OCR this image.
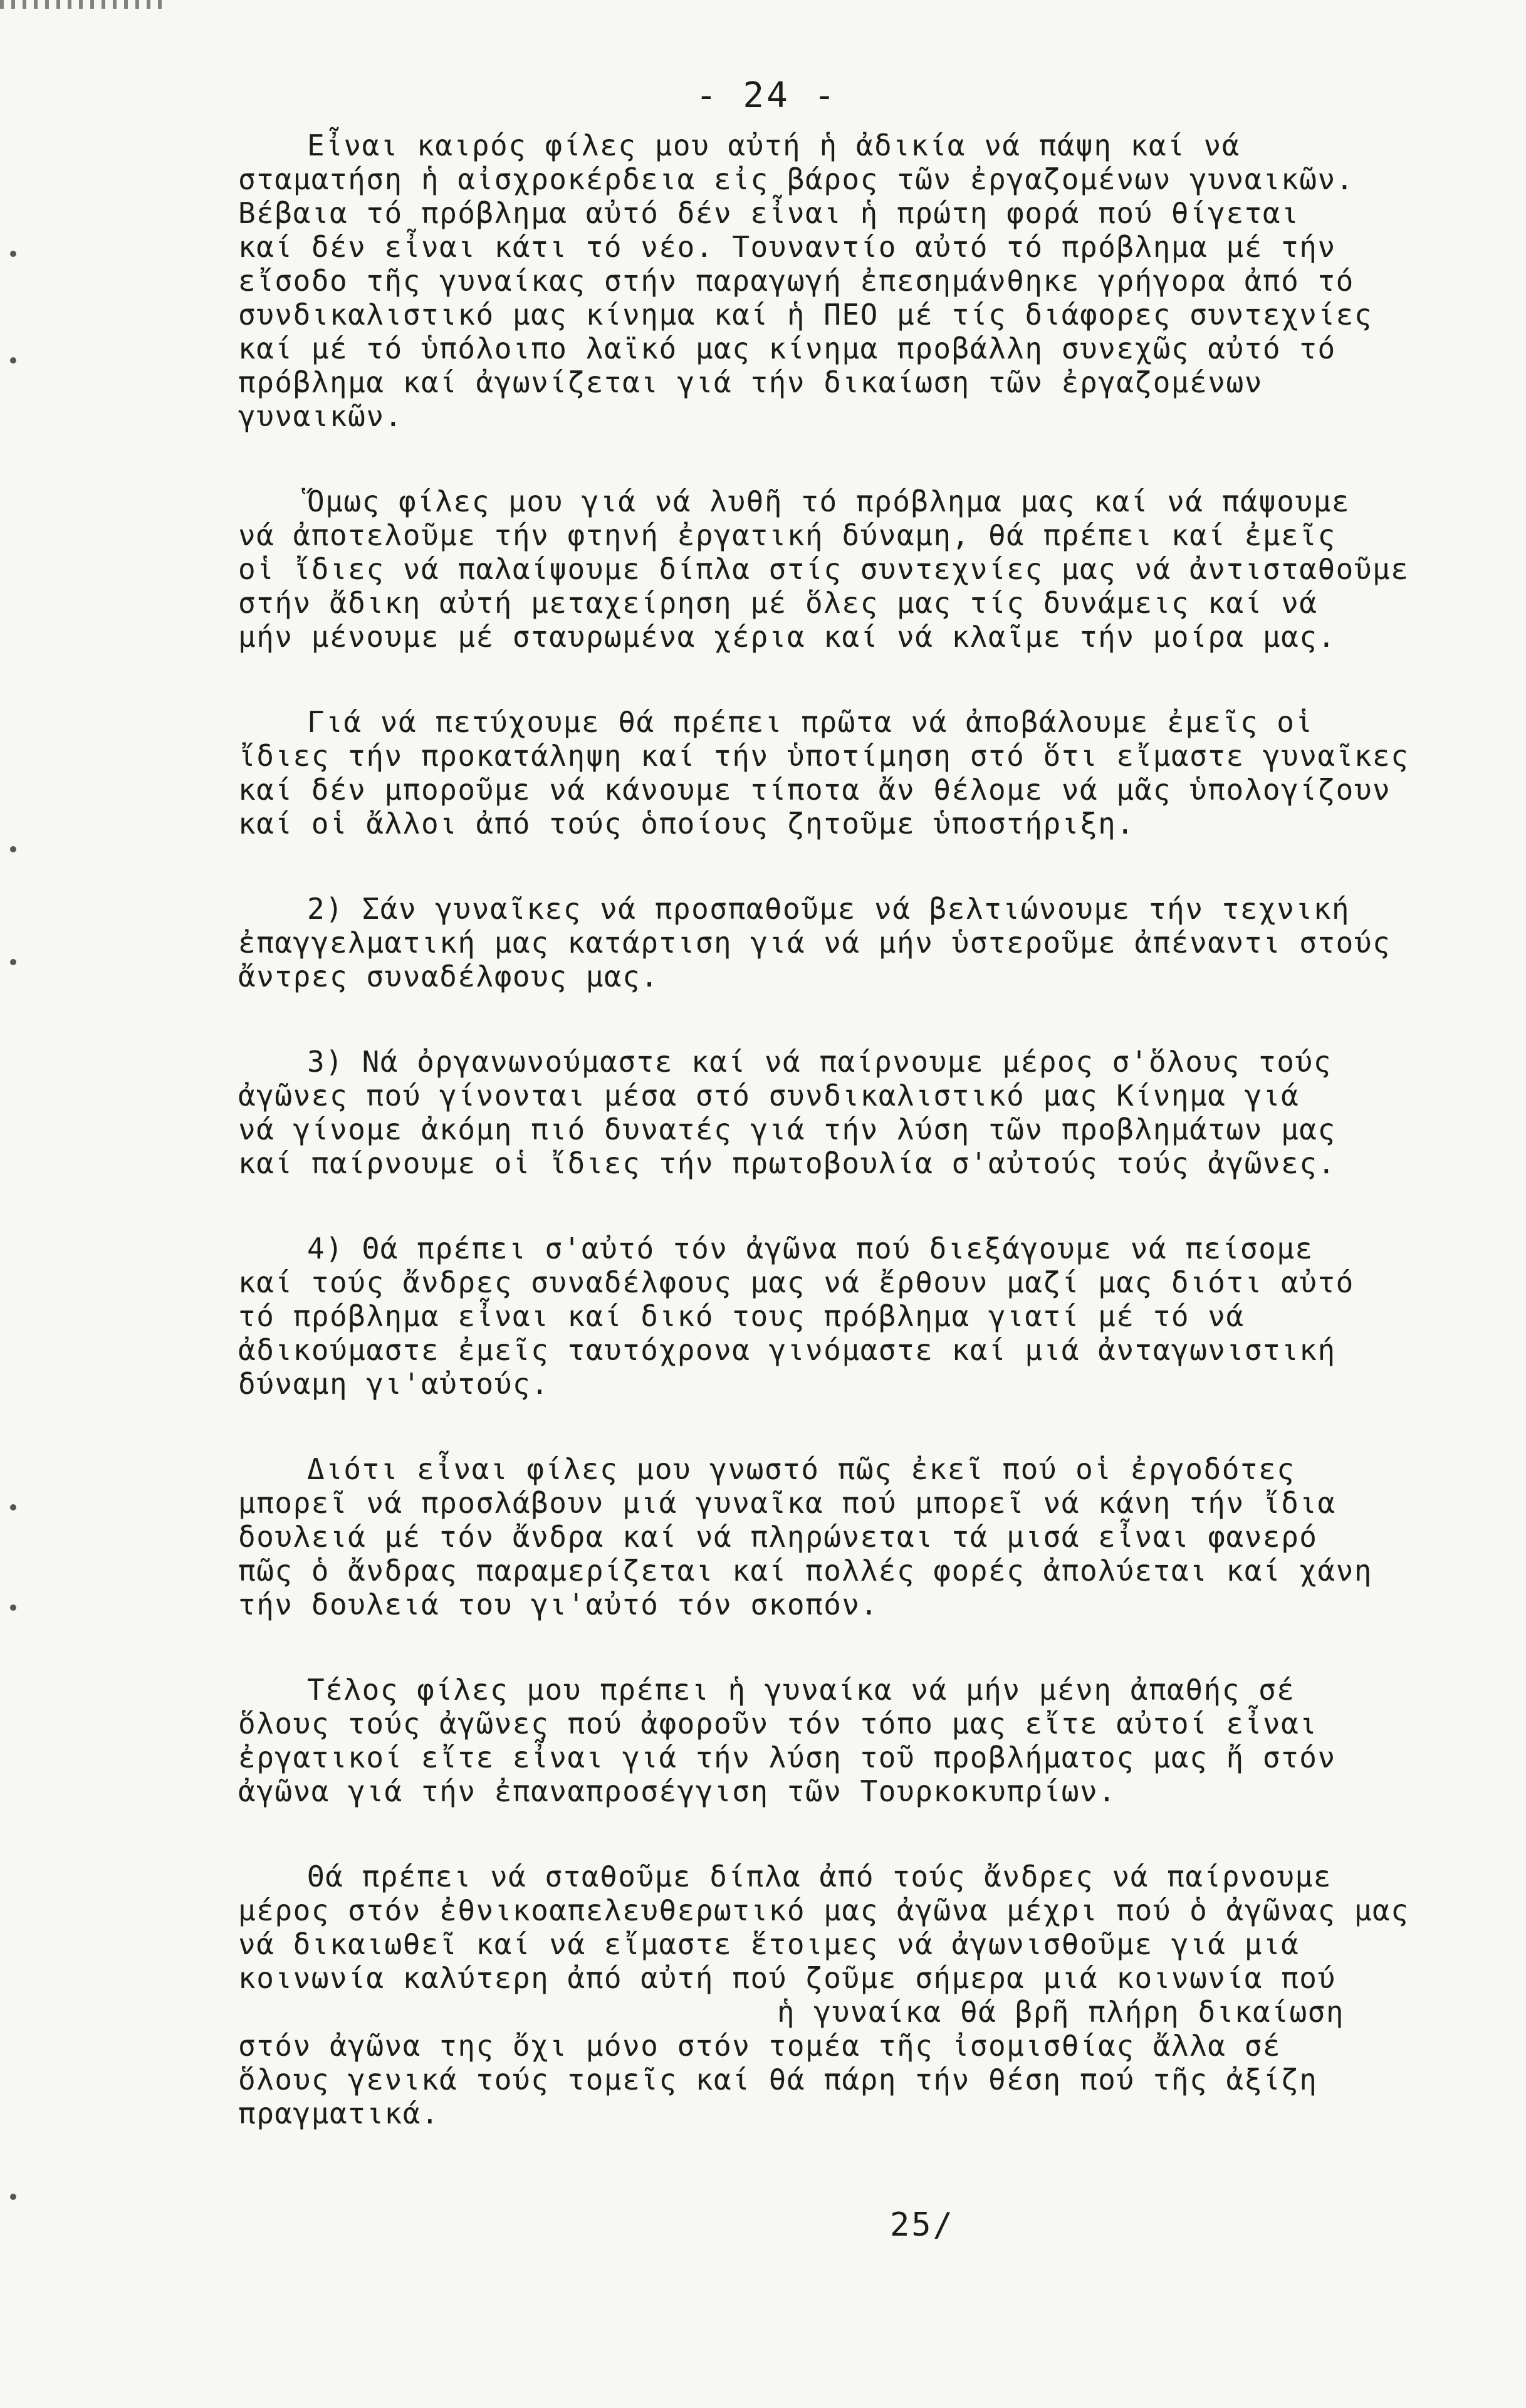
- 24 -
Εἶναι καιρός φίλες μου αὐτή ἡ ἀδικία νά πάψη καί νά
σταματήση ἡ αἰσχροκέρδεια εἰς βάρος τῶν ἐργαζομένων γυναικῶν.
Βέβαια τό πρόβλημα αὐτό δέν εἶναι ἡ πρώτη φορά πού θίγεται
καί δέν εἶναι κάτι τό νέο. Τουναντίο αὐτό τό πρόβλημα μέ τήν
εἴσοδο τῆς γυναίκας στήν παραγωγή ἐπεσημάνθηκε γρήγορα ἀπό τό
συνδικαλιστικό μας κίνημα καί ἡ ΠΕΟ μέ τίς διάφορες συντεχνίες
καί μέ τό ὑπόλοιπο λαϊκό μας κίνημα προβάλλη συνεχῶς αὐτό τό
πρόβλημα καί ἀγωνίζεται γιά τήν δικαίωση τῶν ἐργαζομένων
γυναικῶν.
Ὅμως φίλες μου γιά νά λυθῆ τό πρόβλημα μας καί νά πάψουμε
νά ἀποτελοῦμε τήν φτηνή ἐργατική δύναμη, θά πρέπει καί ἐμεῖς
οἱ ἴδιες νά παλαίψουμε δίπλα στίς συντεχνίες μας νά ἀντισταθοῦμε
στήν ἄδικη αὐτή μεταχείρηση μέ ὅλες μας τίς δυνάμεις καί νά
μήν μένουμε μέ σταυρωμένα χέρια καί νά κλαῖμε τήν μοίρα μας.
Γιά νά πετύχουμε θά πρέπει πρῶτα νά ἀποβάλουμε ἐμεῖς οἱ
ἴδιες τήν προκατάληψη καί τήν ὑποτίμηση στό ὅτι εἴμαστε γυναῖκες
καί δέν μποροῦμε νά κάνουμε τίποτα ἄν θέλομε νά μᾶς ὑπολογίζουν
καί οἱ ἄλλοι ἀπό τούς ὁποίους ζητοῦμε ὑποστήριξη.
2) Σάν γυναῖκες νά προσπαθοῦμε νά βελτιώνουμε τήν τεχνική
ἐπαγγελματική μας κατάρτιση γιά νά μήν ὑστεροῦμε ἀπέναντι στούς
ἄντρες συναδέλφους μας.
3) Νά ὀργανωνούμαστε καί νά παίρνουμε μέρος σ'ὅλους τούς
ἀγῶνες πού γίνονται μέσα στό συνδικαλιστικό μας Κίνημα γιά
νά γίνομε ἀκόμη πιό δυνατές γιά τήν λύση τῶν προβλημάτων μας
καί παίρνουμε οἱ ἴδιες τήν πρωτοβουλία σ'αὐτούς τούς ἀγῶνες.
4) Θά πρέπει σ'αὐτό τόν ἀγῶνα πού διεξάγουμε νά πείσομε
καί τούς ἄνδρες συναδέλφους μας νά ἔρθουν μαζί μας διότι αὐτό
τό πρόβλημα εἶναι καί δικό τους πρόβλημα γιατί μέ τό νά
ἀδικούμαστε ἐμεῖς ταυτόχρονα γινόμαστε καί μιά ἀνταγωνιστική
δύναμη γι'αὐτούς.
Διότι εἶναι φίλες μου γνωστό πῶς ἐκεῖ πού οἱ ἐργοδότες
μπορεῖ νά προσλάβουν μιά γυναῖκα πού μπορεῖ νά κάνη τήν ἴδια
δουλειά μέ τόν ἄνδρα καί νά πληρώνεται τά μισά εἶναι φανερό
πῶς ὁ ἄνδρας παραμερίζεται καί πολλές φορές ἀπολύεται καί χάνη
τήν δουλειά του γι'αὐτό τόν σκοπόν.
Τέλος φίλες μου πρέπει ἡ γυναίκα νά μήν μένη ἀπαθής σέ
ὅλους τούς ἀγῶνες πού ἀφοροῦν τόν τόπο μας εἴτε αὐτοί εἶναι
ἐργατικοί εἴτε εἶναι γιά τήν λύση τοῦ προβλήματος μας ἤ στόν
ἀγῶνα γιά τήν ἐπαναπροσέγγιση τῶν Τουρκοκυπρίων.
Θά πρέπει νά σταθοῦμε δίπλα ἀπό τούς ἄνδρες νά παίρνουμε
μέρος στόν ἐθνικοαπελευθερωτικό μας ἀγῶνα μέχρι πού ὁ ἀγῶνας μας
νά δικαιωθεῖ καί νά εἴμαστε ἕτοιμες νά ἀγωνισθοῦμε γιά μιά
κοινωνία καλύτερη ἀπό αὐτή πού ζοῦμε σήμερα μιά κοινωνία πού
ἡ γυναίκα θά βρῆ πλήρη δικαίωση
στόν ἀγῶνα της ὄχι μόνο στόν τομέα τῆς ἰσομισθίας ἄλλα σέ
ὅλους γενικά τούς τομεῖς καί θά πάρη τήν θέση πού τῆς ἀξίζη
πραγματικά.
25/
